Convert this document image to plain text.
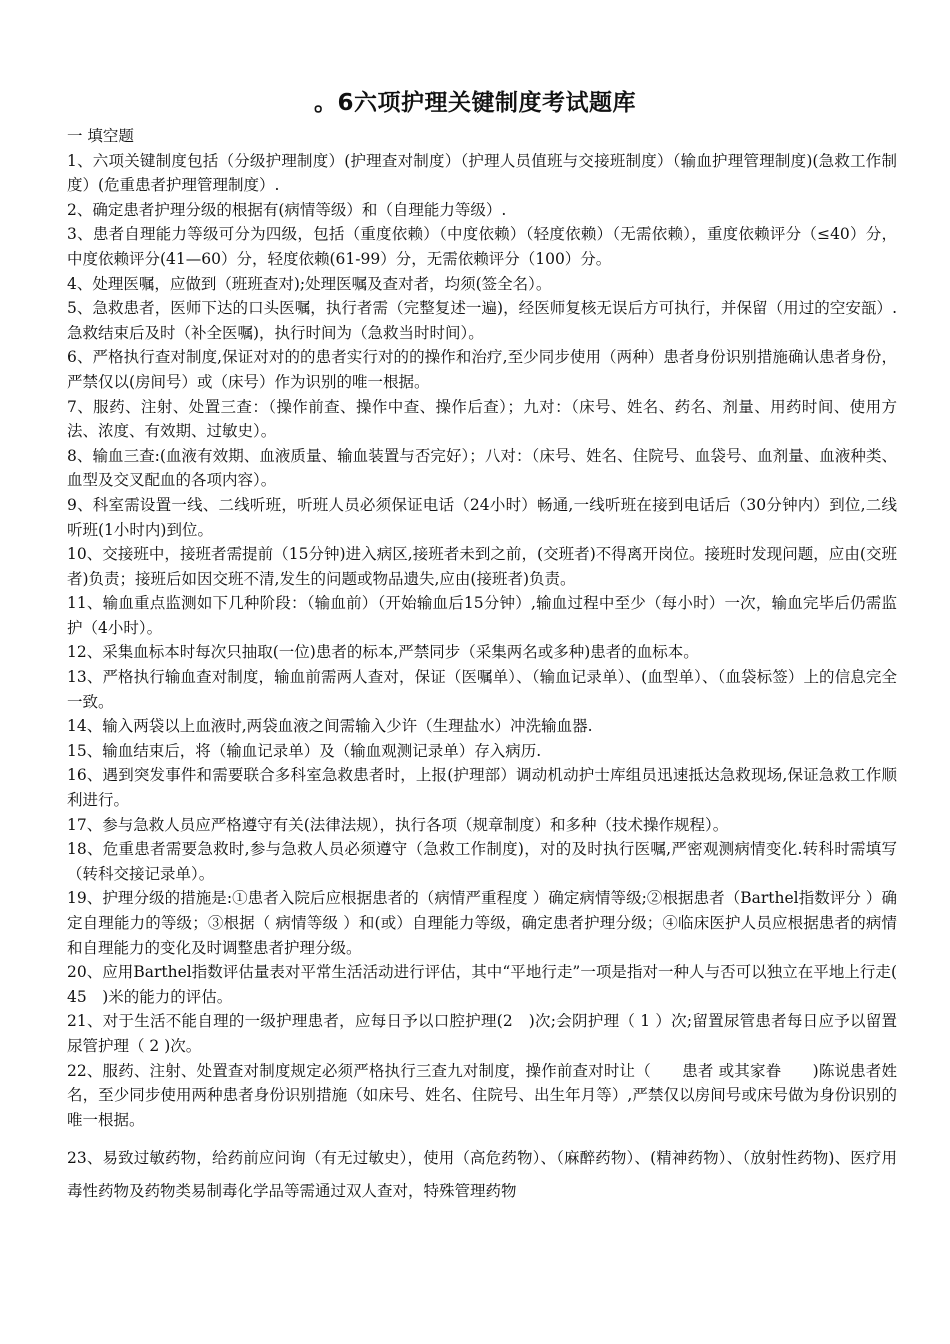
。6六项护理关键制度考试题库

一 填空题

1、六项关键制度包括（分级护理制度）(护理查对制度）（护理人员值班与交接班制度）（输血护理管理制度)(急救工作制度）(危重患者护理管理制度）.

2、确定患者护理分级的根据有(病情等级）和（自理能力等级）.

3、患者自理能力等级可分为四级，包括（重度依赖）（中度依赖）（轻度依赖）（无需依赖），重度依赖评分（≤40）分，中度依赖评分(41—60）分，轻度依赖(61-99）分，无需依赖评分（100）分。

4、处理医嘱，应做到（班班查对);处理医嘱及查对者，均须(签全名）。

5、急救患者，医师下达的口头医嘱，执行者需（完整复述一遍)，经医师复核无误后方可执行，并保留（用过的空安瓿）.急救结束后及时（补全医嘱)，执行时间为（急救当时时间）。

6、严格执行查对制度,保证对对的的患者实行对的的操作和治疗,至少同步使用（两种）患者身份识别措施确认患者身份，严禁仅以(房间号）或（床号）作为识别的唯一根据。

7、服药、注射、处置三查：（操作前查、操作中查、操作后查）；九对：（床号、姓名、药名、剂量、用药时间、使用方法、浓度、有效期、过敏史）。

8、输血三查:(血液有效期、血液质量、输血装置与否完好）；八对：（床号、姓名、住院号、血袋号、血剂量、血液种类、血型及交叉配血的各项内容）。

9、科室需设置一线、二线听班，听班人员必须保证电话（24小时）畅通,一线听班在接到电话后（30分钟内）到位,二线听班(1小时内)到位。

10、交接班中，接班者需提前（15分钟)进入病区,接班者未到之前，(交班者)不得离开岗位。接班时发现问题，应由(交班者)负责；接班后如因交班不清,发生的问题或物品遗失,应由(接班者)负责。

11、输血重点监测如下几种阶段：（输血前）（开始输血后15分钟）,输血过程中至少（每小时）一次，输血完毕后仍需监护（4小时）。

12、采集血标本时每次只抽取(一位)患者的标本,严禁同步（采集两名或多种)患者的血标本。

13、严格执行输血查对制度，输血前需两人查对，保证（医嘱单）、（输血记录单）、(血型单）、（血袋标签）上的信息完全一致。

14、输入两袋以上血液时,两袋血液之间需输入少许（生理盐水）冲洗输血器.

15、输血结束后，将（输血记录单）及（输血观测记录单）存入病历.

16、遇到突发事件和需要联合多科室急救患者时，上报(护理部）调动机动护士库组员迅速抵达急救现场,保证急救工作顺利进行。

17、参与急救人员应严格遵守有关(法律法规），执行各项（规章制度）和多种（技术操作规程）。

18、危重患者需要急救时,参与急救人员必须遵守（急救工作制度)，对的及时执行医嘱,严密观测病情变化.转科时需填写（转科交接记录单）。

19、护理分级的措施是:①患者入院后应根据患者的（病情严重程度 ）确定病情等级;②根据患者（Barthel指数评分 ）确定自理能力的等级；③根据（ 病情等级 ）和(或）自理能力等级，确定患者护理分级；④临床医护人员应根据患者的病情和自理能力的变化及时调整患者护理分级。

20、应用Barthel指数评估量表对平常生活活动进行评估，其中“平地行走”一项是指对一种人与否可以独立在平地上行走(　45　)米的能力的评估。

21、对于生活不能自理的一级护理患者，应每日予以口腔护理(2　)次;会阴护理（ 1 ）次;留置尿管患者每日应予以留置尿管护理（ 2 )次。

22、服药、注射、处置查对制度规定必须严格执行三查九对制度，操作前查对时让（　　患者 或其家眷　　)陈说患者姓名，至少同步使用两种患者身份识别措施（如床号、姓名、住院号、出生年月等）,严禁仅以房间号或床号做为身份识别的唯一根据。

23、易致过敏药物，给药前应问询（有无过敏史），使用（高危药物）、（麻醉药物）、(精神药物）、（放射性药物)、医疗用毒性药物及药物类易制毒化学品等需通过双人查对，特殊管理药物
